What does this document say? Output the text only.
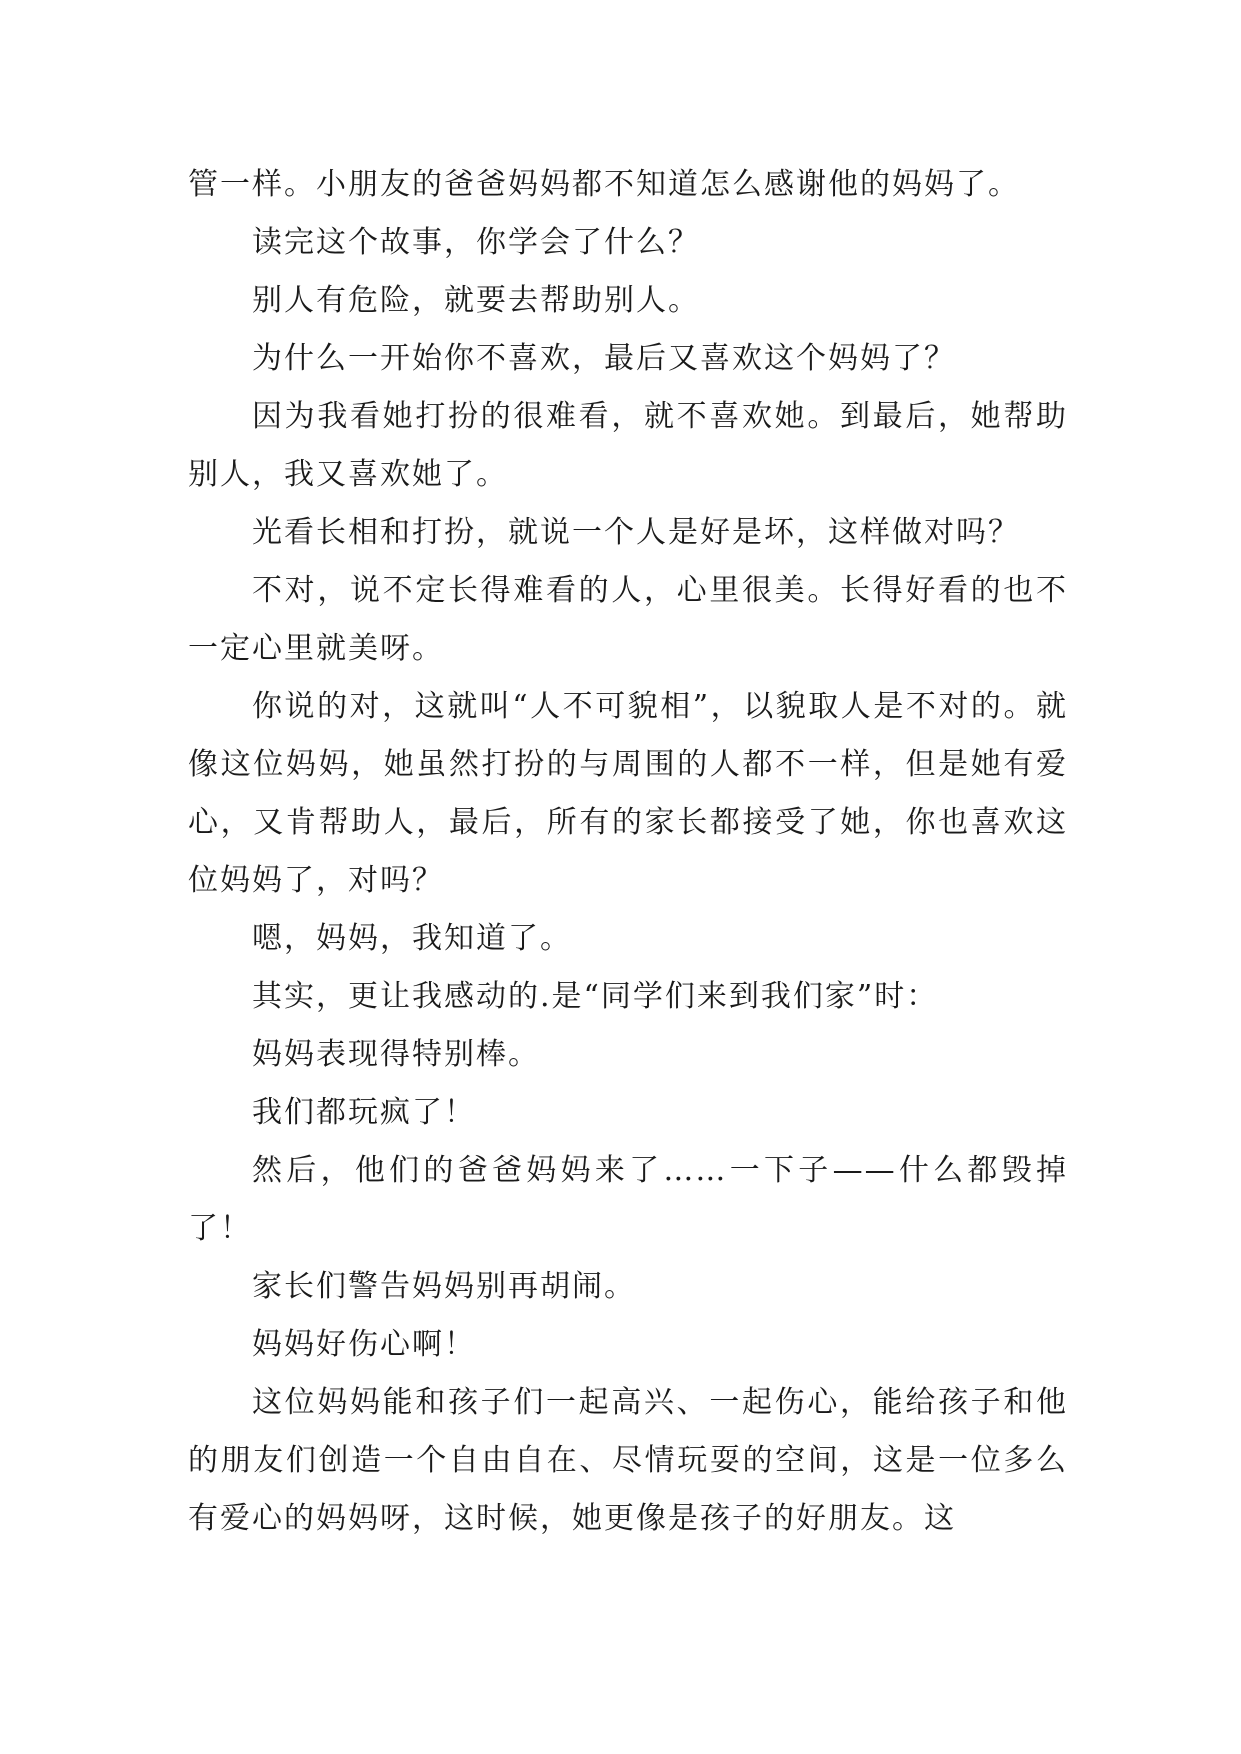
管一样。小朋友的爸爸妈妈都不知道怎么感谢他的妈妈了。

读完这个故事，你学会了什么？

别人有危险，就要去帮助别人。

为什么一开始你不喜欢，最后又喜欢这个妈妈了？

因为我看她打扮的很难看，就不喜欢她。到最后，她帮助别人，我又喜欢她了。

光看长相和打扮，就说一个人是好是坏，这样做对吗？

不对，说不定长得难看的人，心里很美。长得好看的也不一定心里就美呀。

你说的对，这就叫“人不可貌相”，以貌取人是不对的。就像这位妈妈，她虽然打扮的与周围的人都不一样，但是她有爱心，又肯帮助人，最后，所有的家长都接受了她，你也喜欢这位妈妈了，对吗？

嗯，妈妈，我知道了。

其实，更让我感动的.是“同学们来到我们家”时：

妈妈表现得特别棒。

我们都玩疯了！

然后，他们的爸爸妈妈来了……一下子——什么都毁掉了！

家长们警告妈妈别再胡闹。

妈妈好伤心啊！

这位妈妈能和孩子们一起高兴、一起伤心，能给孩子和他的朋友们创造一个自由自在、尽情玩耍的空间，这是一位多么有爱心的妈妈呀，这时候，她更像是孩子的好朋友。这
